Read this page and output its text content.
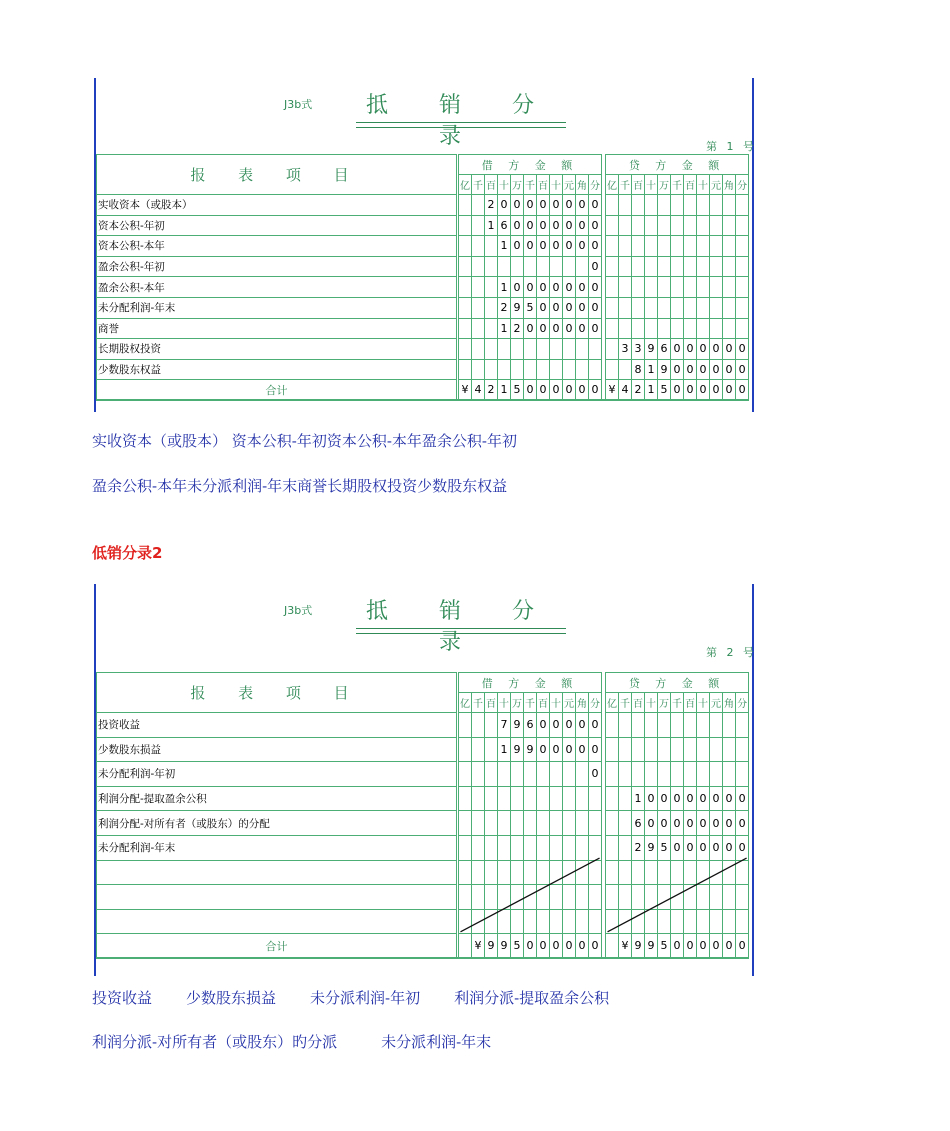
J3b式	抵 销 分 录	第 1 号
报 表 项 目		借 方 金 额												贷 方 金 额										
		亿	千	百	十	万	千	百	十	元	角	分		亿	千	百	十	万	千	百	十	元	角	分
实收资本（或股本）				2	0	0	0	0	0	0	0	0												
资本公积-年初				1	6	0	0	0	0	0	0	0												
资本公积-本年					1	0	0	0	0	0	0	0												
盈余公积-年初												0												
盈余公积-本年					1	0	0	0	0	0	0	0												
未分配利润-年末					2	9	5	0	0	0	0	0												
商誉					1	2	0	0	0	0	0	0												
长期股权投资															3	3	9	6	0	0	0	0	0	0
少数股东权益																8	1	9	0	0	0	0	0	0
合计		¥	4	2	1	5	0	0	0	0	0	0		¥	4	2	1	5	0	0	0	0	0	0
实收资本（或股本） 资本公积-年初资本公积-本年盈余公积-年初
盈余公积-本年未分派利润-年末商誉长期股权投资少数股东权益
低销分录2
J3b式	抵 销 分 录	第 2 号
报 表 项 目		借 方 金 额												贷 方 金 额										
		亿	千	百	十	万	千	百	十	元	角	分		亿	千	百	十	万	千	百	十	元	角	分
投资收益					7	9	6	0	0	0	0	0												
少数股东损益					1	9	9	0	0	0	0	0												
未分配利润-年初												0												
利润分配-提取盈余公积																1	0	0	0	0	0	0	0	0
利润分配-对所有者（或股东）的分配																6	0	0	0	0	0	0	0	0
未分配利润-年末																2	9	5	0	0	0	0	0	0

合计			¥	9	9	5	0	0	0	0	0	0			¥	9	9	5	0	0	0	0	0	0
投资收益 少数股东损益 未分派利润-年初 利润分派-提取盈余公积
利润分派-对所有者（或股东）旳分派	未分派利润-年末
